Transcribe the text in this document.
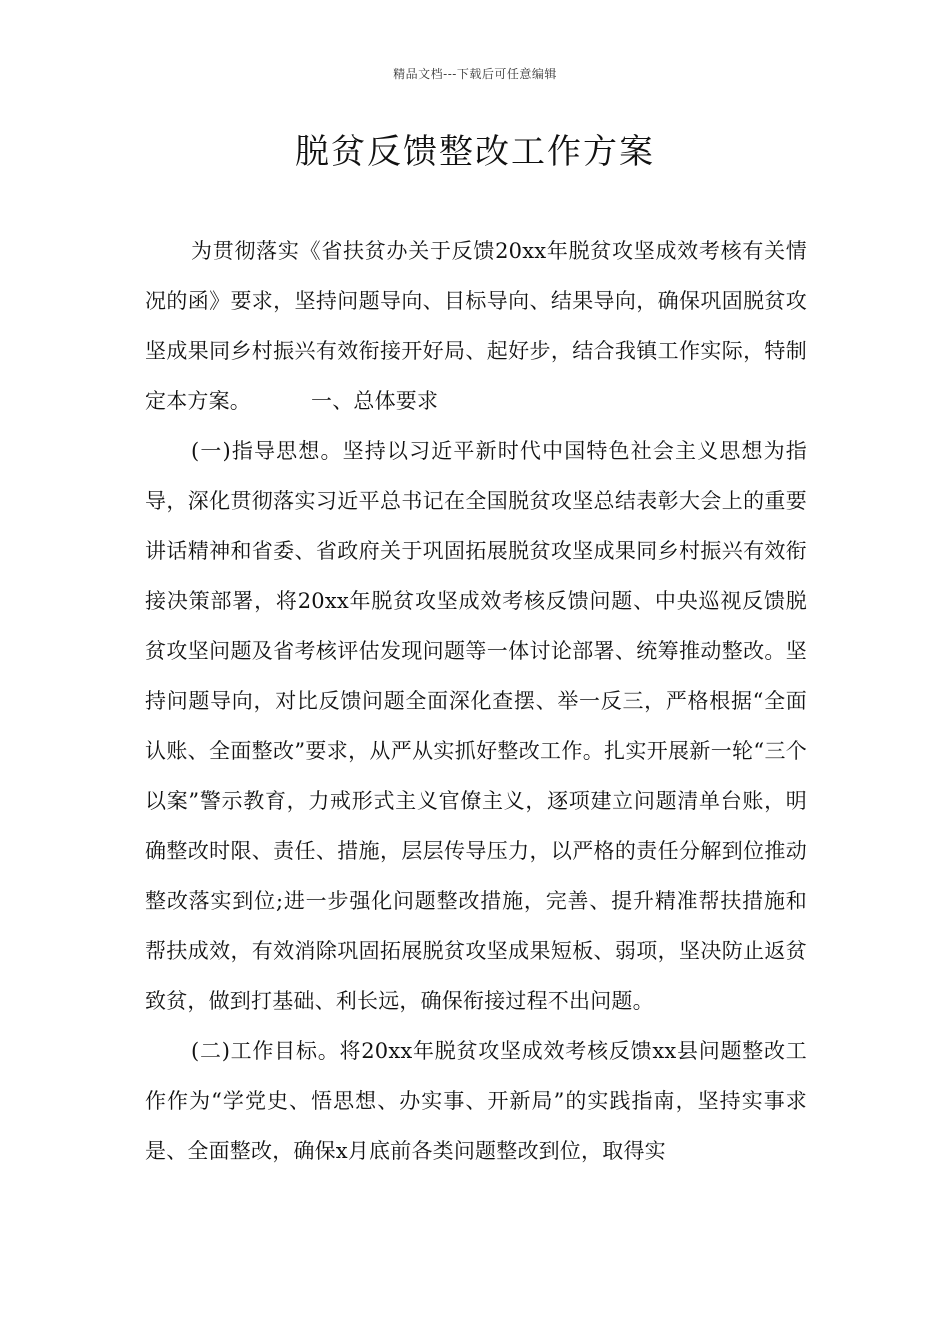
精品文档---下载后可任意编辑
脱贫反馈整改工作方案

为贯彻落实《省扶贫办关于反馈20xx年脱贫攻坚成效考核有关情况的函》要求，坚持问题导向、目标导向、结果导向，确保巩固脱贫攻坚成果同乡村振兴有效衔接开好局、起好步，结合我镇工作实际，特制定本方案。	一、总体要求

(一)指导思想。坚持以习近平新时代中国特色社会主义思想为指导，深化贯彻落实习近平总书记在全国脱贫攻坚总结表彰大会上的重要讲话精神和省委、省政府关于巩固拓展脱贫攻坚成果同乡村振兴有效衔接决策部署，将20xx年脱贫攻坚成效考核反馈问题、中央巡视反馈脱贫攻坚问题及省考核评估发现问题等一体讨论部署、统筹推动整改。坚持问题导向，对比反馈问题全面深化查摆、举一反三，严格根据“全面认账、全面整改”要求，从严从实抓好整改工作。扎实开展新一轮“三个以案”警示教育，力戒形式主义官僚主义，逐项建立问题清单台账，明确整改时限、责任、措施，层层传导压力，以严格的责任分解到位推动整改落实到位;进一步强化问题整改措施，完善、提升精准帮扶措施和帮扶成效，有效消除巩固拓展脱贫攻坚成果短板、弱项，坚决防止返贫致贫，做到打基础、利长远，确保衔接过程不出问题。

(二)工作目标。将20xx年脱贫攻坚成效考核反馈xx县问题整改工作作为“学党史、悟思想、办实事、开新局”的实践指南，坚持实事求是、全面整改，确保x月底前各类问题整改到位，取得实
